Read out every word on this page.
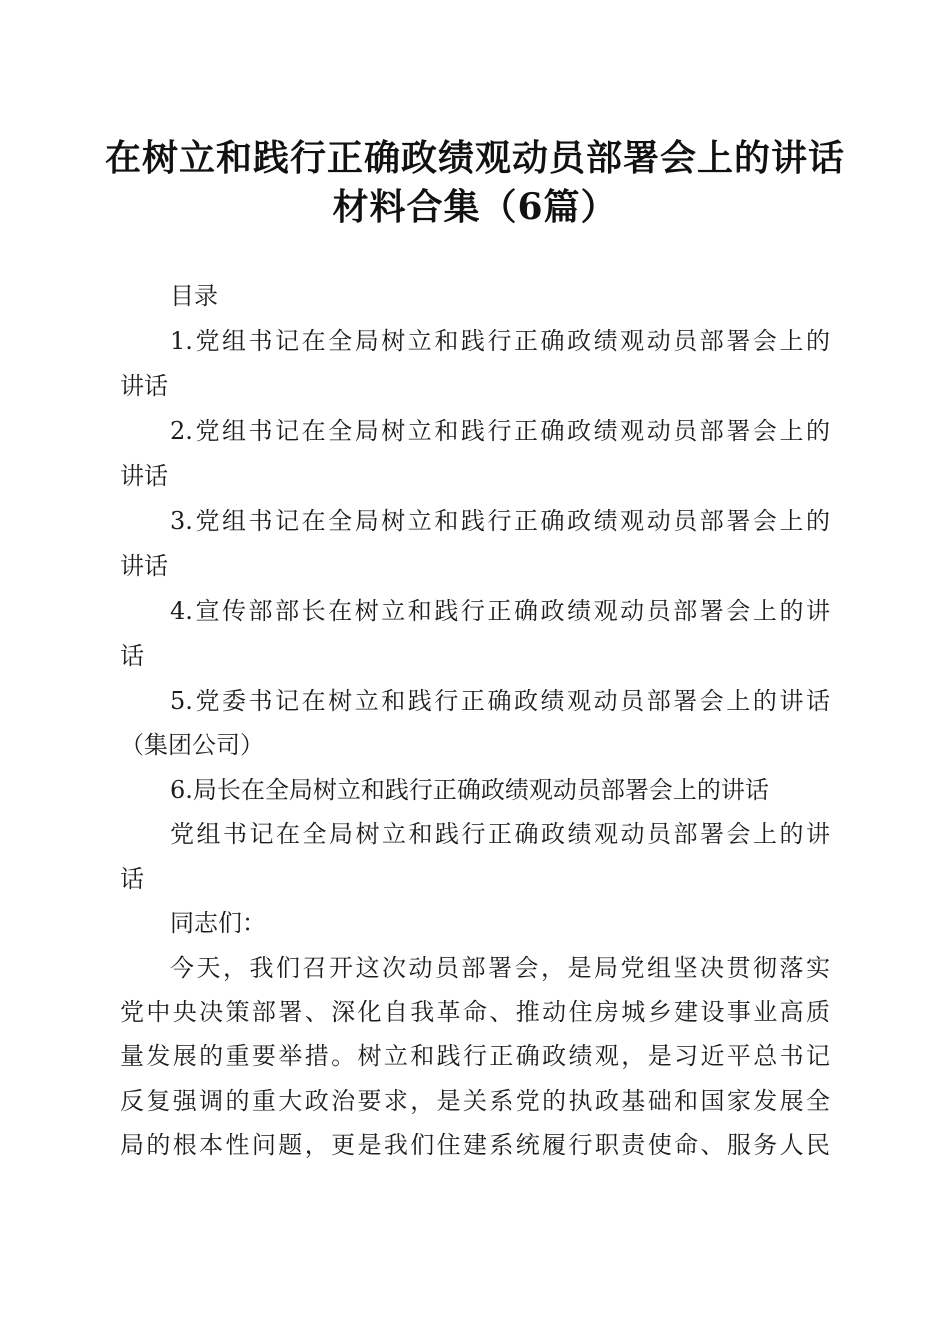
在树立和践行正确政绩观动员部署会上的讲话
材料合集（6篇）
目录
1.党组书记在全局树立和践行正确政绩观动员部署会上的
讲话
2.党组书记在全局树立和践行正确政绩观动员部署会上的
讲话
3.党组书记在全局树立和践行正确政绩观动员部署会上的
讲话
4.宣传部部长在树立和践行正确政绩观动员部署会上的讲
话
5.党委书记在树立和践行正确政绩观动员部署会上的讲话
（集团公司）
6.局长在全局树立和践行正确政绩观动员部署会上的讲话
党组书记在全局树立和践行正确政绩观动员部署会上的讲
话
同志们：
今天，我们召开这次动员部署会，是局党组坚决贯彻落实
党中央决策部署、深化自我革命、推动住房城乡建设事业高质
量发展的重要举措。树立和践行正确政绩观，是习近平总书记
反复强调的重大政治要求，是关系党的执政基础和国家发展全
局的根本性问题，更是我们住建系统履行职责使命、服务人民
